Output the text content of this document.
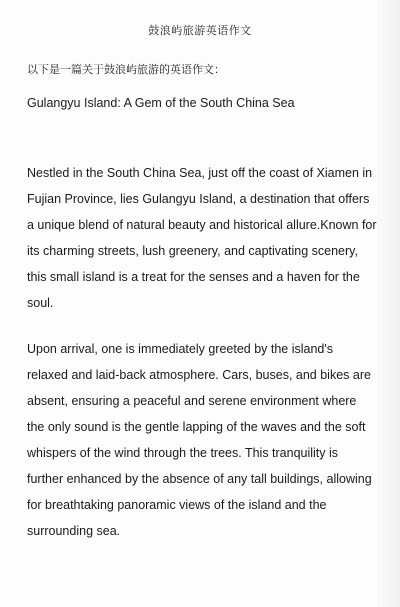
鼓浪屿旅游英语作文
以下是一篇关于鼓浪屿旅游的英语作文：
Gulangyu Island: A Gem of the South China Sea

Nestled in the South China Sea, just off the coast of Xiamen in Fujian Province, lies Gulangyu Island, a destination that offers a unique blend of natural beauty and historical allure.Known for its charming streets, lush greenery, and captivating scenery, this small island is a treat for the senses and a haven for the soul.

Upon arrival, one is immediately greeted by the island's relaxed and laid-back atmosphere. Cars, buses, and bikes are absent, ensuring a peaceful and serene environment where the only sound is the gentle lapping of the waves and the soft whispers of the wind through the trees. This tranquility is further enhanced by the absence of any tall buildings, allowing for breathtaking panoramic views of the island and the surrounding sea.
